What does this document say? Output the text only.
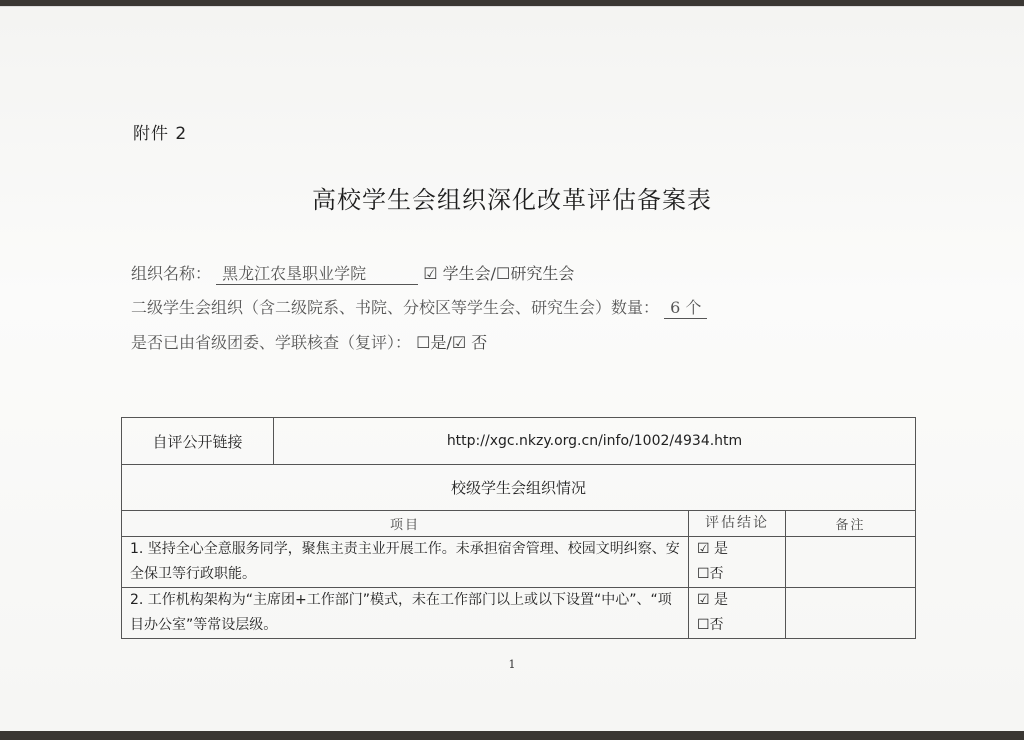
附件 2
高校学生会组织深化改革评估备案表
组织名称： 黑龙江农垦职业学院	☑ 学生会/☐研究生会
二级学生会组织（含二级院系、书院、分校区等学生会、研究生会）数量： 6 个
是否已由省级团委、学联核查（复评）： ☐是/☑ 否
自评公开链接	http://xgc.nkzy.org.cn/info/1002/4934.htm		
校级学生会组织情况			
项目		评估结论	备注
1. 坚持全心全意服务同学，聚焦主责主业开展工作。未承担宿舍管理、校园文明纠察、安全保卫等行政职能。		☑ 是
☐否	

2. 工作机构架构为“主席团+工作部门”模式，未在工作部门以上或以下设置“中心”、“项目办公室”等常设层级。		☑ 是
☐否	

1
